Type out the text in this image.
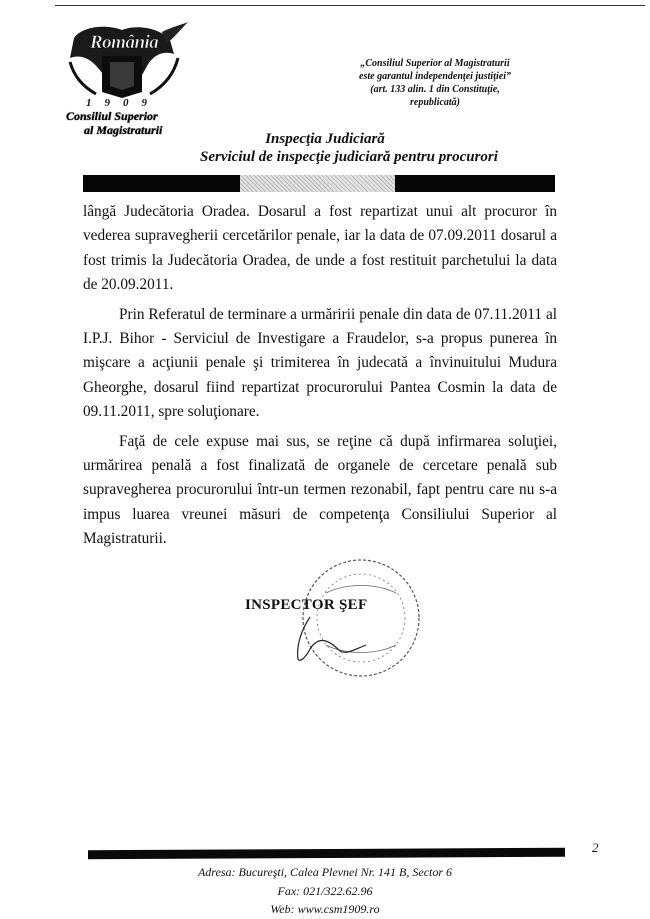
România
1909
Consiliul Superior
al Magistraturii
„Consiliul Superior al Magistraturii
este garantul independenţei justiţiei”
(art. 133 alin. 1 din Constituţie,
republicată)
Inspecţia Judiciară
Serviciul de inspecţie judiciară pentru procurori

lângă Judecătoria Oradea. Dosarul a fost repartizat unui alt procuror în vederea supravegherii cercetărilor penale, iar la data de 07.09.2011 dosarul a fost trimis la Judecătoria Oradea, de unde a fost restituit parchetului la data de 20.09.2011.

Prin Referatul de terminare a urmăririi penale din data de 07.11.2011 al I.P.J. Bihor - Serviciul de Investigare a Fraudelor, s-a propus punerea în mişcare a acţiunii penale şi trimiterea în judecată a învinuitului Mudura Gheorghe, dosarul fiind repartizat procurorului Pantea Cosmin la data de 09.11.2011, spre soluţionare.

Faţă de cele expuse mai sus, se reţine că după infirmarea soluţiei, urmărirea penală a fost finalizată de organele de cercetare penală sub supravegherea procurorului într-un termen rezonabil, fapt pentru care nu s-a impus luarea vreunei măsuri de competenţa Consiliului Superior al Magistraturii.

INSPECTOR ŞEF
2
Adresa: Bucureşti, Calea Plevnei Nr. 141 B, Sector 6
Fax: 021/322.62.96
Web: www.csm1909.ro
